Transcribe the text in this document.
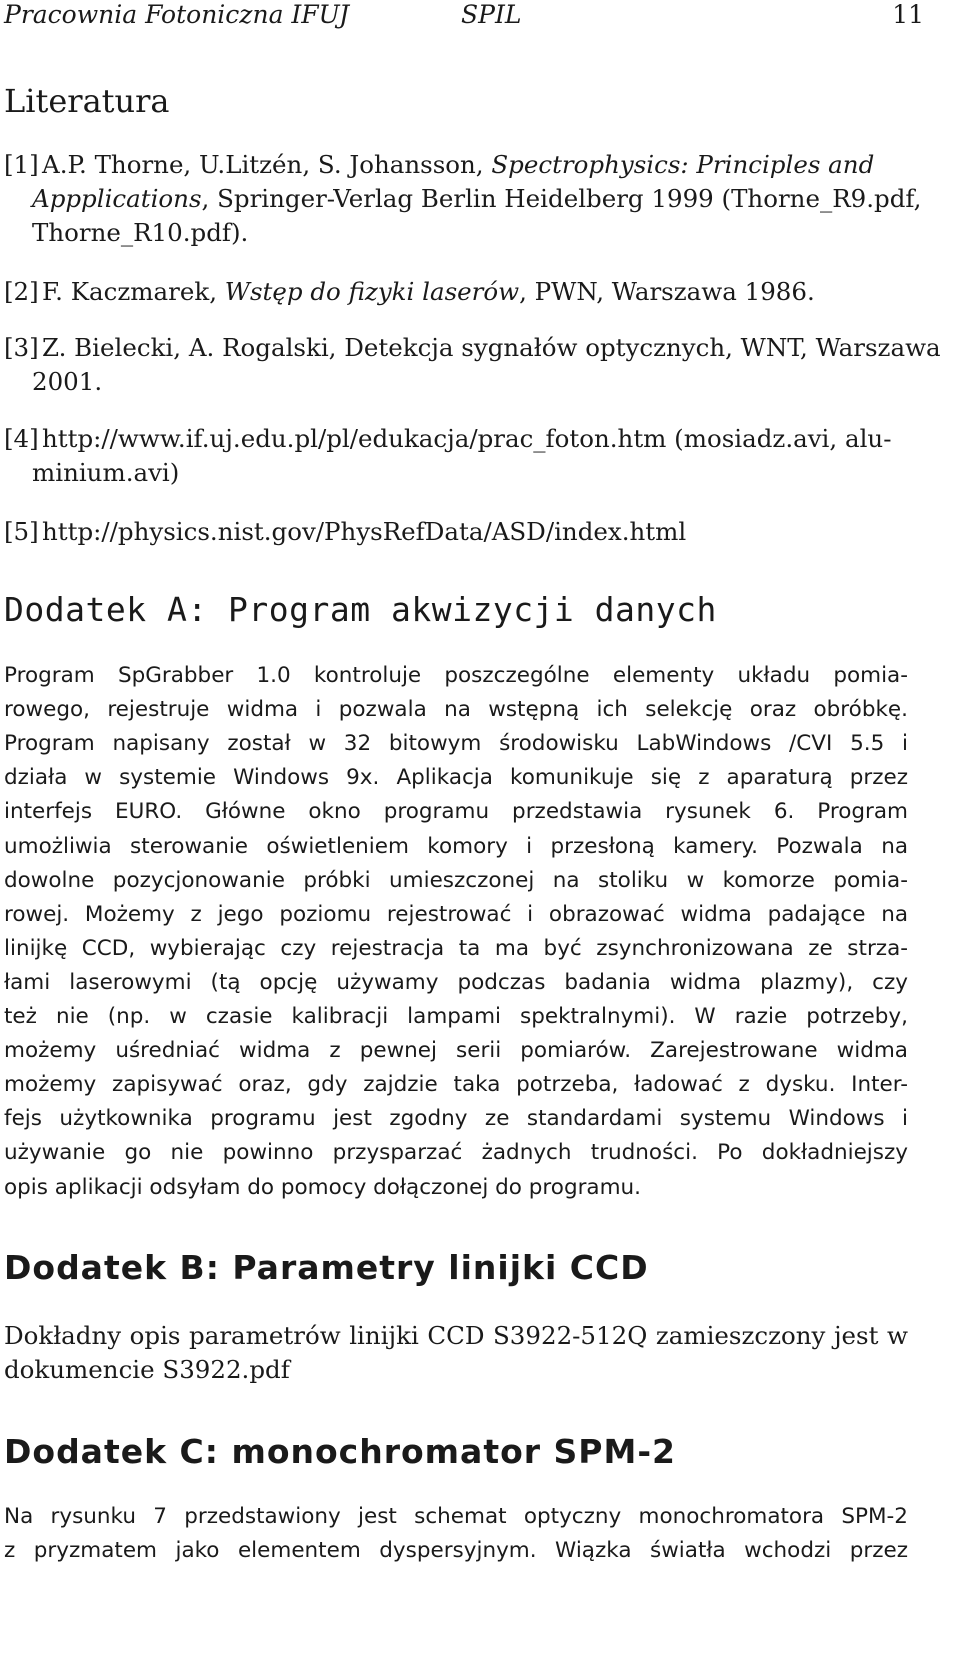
Pracownia Fotoniczna IFUJ	SPIL	11
Literatura
[1] A.P. Thorne, U.Litzén, S. Johansson, Spectrophysics: Principles and
Appplications, Springer-Verlag Berlin Heidelberg 1999 (Thorne_R9.pdf,
Thorne_R10.pdf).
[2] F. Kaczmarek, Wstęp do fizyki laserów, PWN, Warszawa 1986.
[3] Z. Bielecki, A. Rogalski, Detekcja sygnałów optycznych, WNT, Warszawa
2001.
[4] http://www.if.uj.edu.pl/pl/edukacja/prac_foton.htm (mosiadz.avi, alu-
minium.avi)
[5] http://physics.nist.gov/PhysRefData/ASD/index.html
Dodatek A: Program akwizycji danych
Program SpGrabber 1.0 kontroluje poszczególne elementy układu pomia-
rowego, rejestruje widma i pozwala na wstępną ich selekcję oraz obróbkę.
Program napisany został w 32 bitowym środowisku LabWindows /CVI 5.5 i
działa w systemie Windows 9x. Aplikacja komunikuje się z aparaturą przez
interfejs EURO. Główne okno programu przedstawia rysunek 6. Program
umożliwia sterowanie oświetleniem komory i przesłoną kamery. Pozwala na
dowolne pozycjonowanie próbki umieszczonej na stoliku w komorze pomia-
rowej. Możemy z jego poziomu rejestrować i obrazować widma padające na
linijkę CCD, wybierając czy rejestracja ta ma być zsynchronizowana ze strza-
łami laserowymi (tą opcję używamy podczas badania widma plazmy), czy
też nie (np. w czasie kalibracji lampami spektralnymi). W razie potrzeby,
możemy uśredniać widma z pewnej serii pomiarów. Zarejestrowane widma
możemy zapisywać oraz, gdy zajdzie taka potrzeba, ładować z dysku. Inter-
fejs użytkownika programu jest zgodny ze standardami systemu Windows i
używanie go nie powinno przysparzać żadnych trudności. Po dokładniejszy
opis aplikacji odsyłam do pomocy dołączonej do programu.
Dodatek B: Parametry linijki CCD
Dokładny opis parametrów linijki CCD S3922-512Q zamieszczony jest w
dokumencie S3922.pdf
Dodatek C: monochromator SPM-2
Na rysunku 7 przedstawiony jest schemat optyczny monochromatora SPM-2
z pryzmatem jako elementem dyspersyjnym. Wiązka światła wchodzi przez
